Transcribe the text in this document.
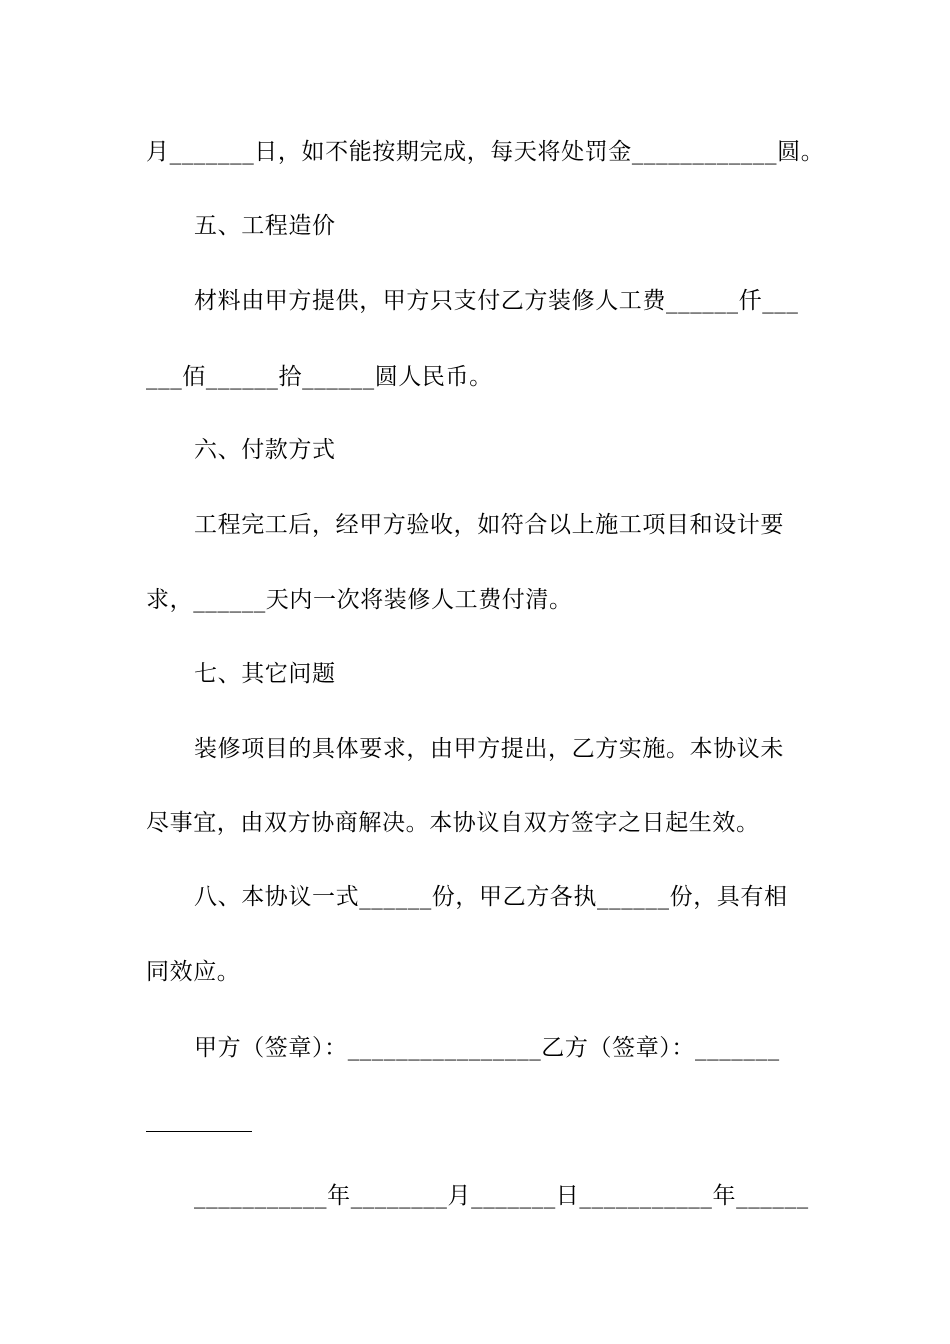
月_______日，如不能按期完成，每天将处罚金____________圆。

五、工程造价

材料由甲方提供，甲方只支付乙方装修人工费______仟___

___佰______拾______圆人民币。

六、付款方式

工程完工后，经甲方验收，如符合以上施工项目和设计要

求，______天内一次将装修人工费付清。

七、其它问题

装修项目的具体要求，由甲方提出，乙方实施。本协议未

尽事宜，由双方协商解决。本协议自双方签字之日起生效。

八、本协议一式______份，甲乙方各执______份，具有相

同效应。

甲方（签章）：________________乙方（签章）：_______

___________年________月_______日___________年______
